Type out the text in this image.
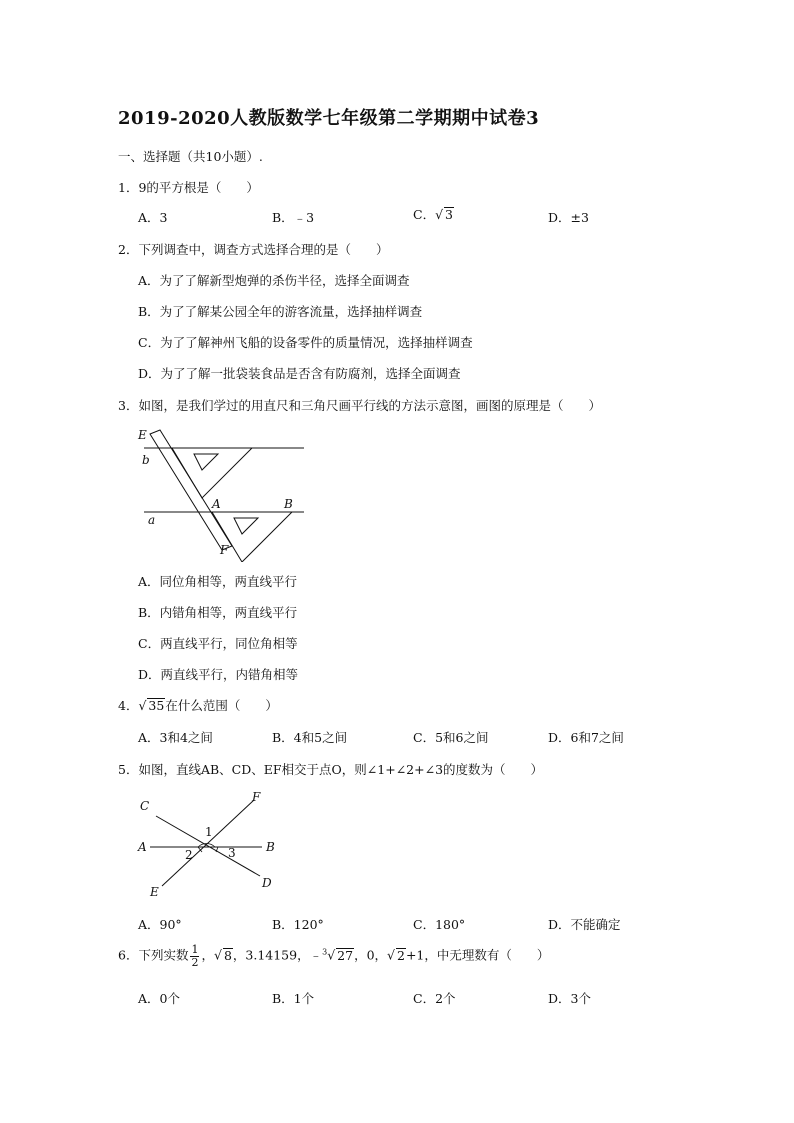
2019-2020人教版数学七年级第二学期期中试卷3
一、选择题（共10小题）.
1．9的平方根是（　　）
A．3	B．﹣3	C．√ 3	D．±3
2．下列调查中，调查方式选择合理的是（　　）
A．为了了解新型炮弹的杀伤半径，选择全面调查
B．为了了解某公园全年的游客流量，选择抽样调查
C．为了了解神州飞船的设备零件的质量情况，选择抽样调查
D．为了了解一批袋装食品是否含有防腐剂，选择全面调查
3．如图，是我们学过的用直尺和三角尺画平行线的方法示意图，画图的原理是（　　）
E
b
A	B
a
F
A．同位角相等，两直线平行
B．内错角相等，两直线平行
C．两直线平行，同位角相等
D．两直线平行，内错角相等
4．√ 35在什么范围（　　）
A．3和4之间	B．4和5之间	C．5和6之间	D．6和7之间
5．如图，直线AB、CD、EF相交于点O，则∠1+∠2+∠3的度数为（　　）
C
F
1
A	B
2	3
E
D
A．90°	B．120°	C．180°	D．不能确定
6．下列实数 $\frac{1}{2}$ ，√ 8，3.14159，﹣$^3$√ 27，0，√ 2+1，中无理数有（　　）
A．0个	B．1个	C．2个	D．3个
